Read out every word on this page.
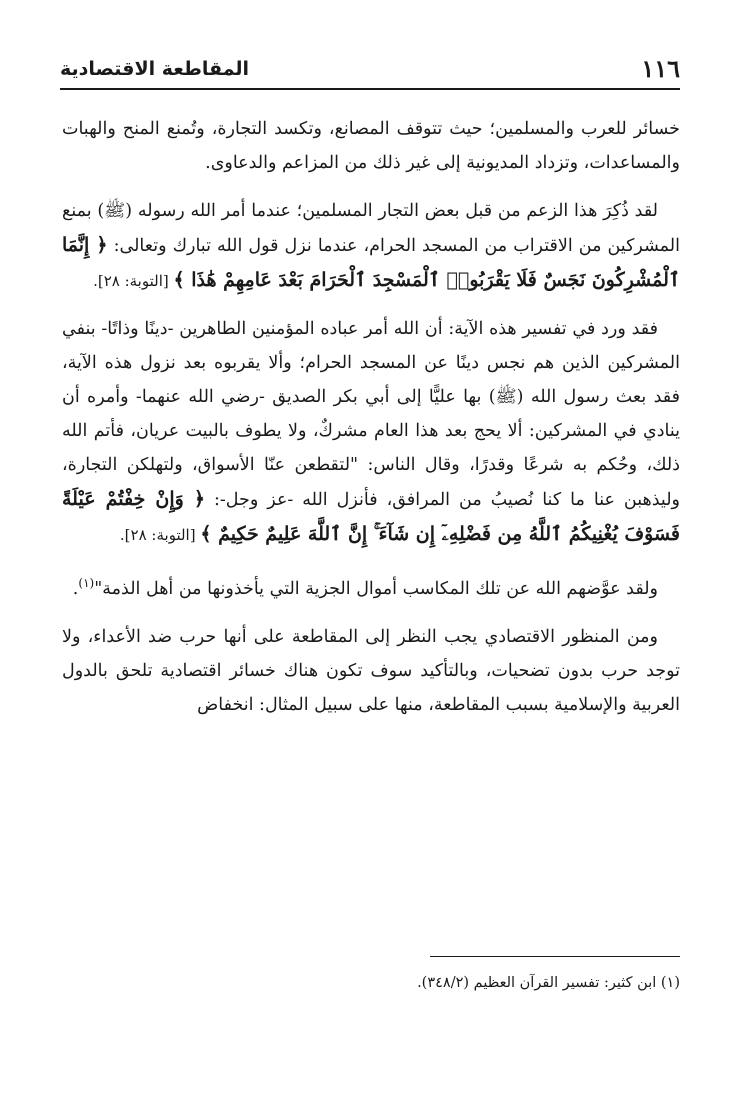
١١٦
المقاطعة الاقتصادية

خسائر للعرب والمسلمين؛ حيث تتوقف المصانع، وتكسد التجارة، وتُمنع المنح والهبات والمساعدات، وتزداد المديونية إلى غير ذلك من المزاعم والدعاوى.

لقد ذُكِرَ هذا الزعم من قبل بعض التجار المسلمين؛ عندما أمر الله رسوله (ﷺ) بمنع المشركين من الاقتراب من المسجد الحرام، عندما نزل قول الله تبارك وتعالى: ﴿ إِنَّمَا ٱلْمُشْرِكُونَ نَجَسٌ فَلَا يَقْرَبُوا۟ ٱلْمَسْجِدَ ٱلْحَرَامَ بَعْدَ عَامِهِمْ هَٰذَا ﴾ [التوبة: ٢٨].

فقد ورد في تفسير هذه الآية: أن الله أمر عباده المؤمنين الطاهرين -دينًا وذاتًا- بنفي المشركين الذين هم نجس دينًا عن المسجد الحرام؛ وألا يقربوه بعد نزول هذه الآية، فقد بعث رسول الله (ﷺ) بها عليًّا إلى أبي بكر الصديق -رضي الله عنهما- وأمره أن ينادي في المشركين: ألا يحج بعد هذا العام مشركٌ، ولا يطوف بالبيت عريان، فأتم الله ذلك، وحُكم به شرعًا وقدرًا، وقال الناس: "لتقطعن عنّا الأسواق، ولتهلكن التجارة، وليذهبن عنا ما كنا نُصيبُ من المرافق، فأنزل الله -عز وجل-: ﴿ وَإِنْ خِفْتُمْ عَيْلَةً فَسَوْفَ يُغْنِيكُمُ ٱللَّهُ مِن فَضْلِهِۦٓ إِن شَآءَ ۚ إِنَّ ٱللَّهَ عَلِيمٌ حَكِيمٌ ﴾ [التوبة: ٢٨].

ولقد عوَّضهم الله عن تلك المكاسب أموال الجزية التي يأخذونها من أهل الذمة"$^{(١)}$.

ومن المنظور الاقتصادي يجب النظر إلى المقاطعة على أنها حرب ضد الأعداء، ولا توجد حرب بدون تضحيات، وبالتأكيد سوف تكون هناك خسائر اقتصادية تلحق بالدول العربية والإسلامية بسبب المقاطعة، منها على سبيل المثال: انخفاض

(١) ابن كثير: تفسير القرآن العظيم (٣٤٨/٢).
